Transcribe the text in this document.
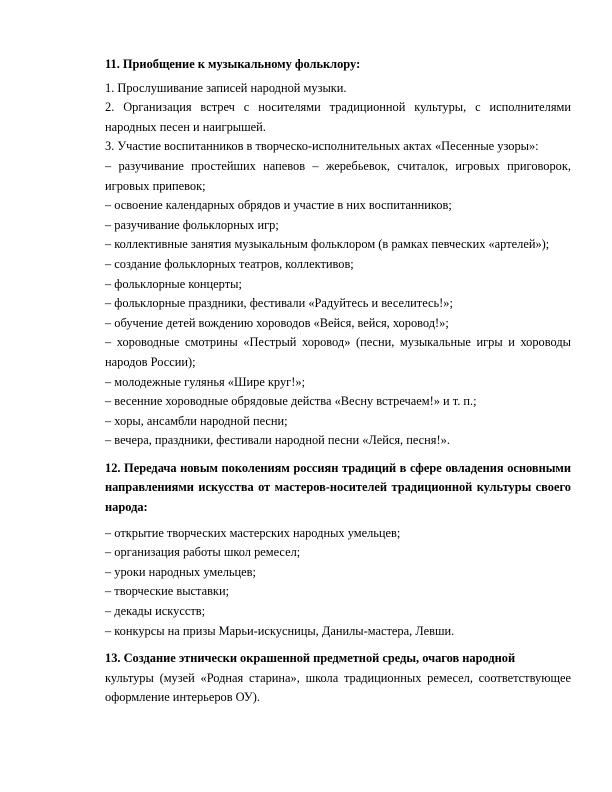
11. Приобщение к музыкальному фольклору:

1. Прослушивание записей народной музыки.

2. Организация встреч с носителями традиционной культуры, с исполнителями народных песен и наигрышей.

3. Участие воспитанников в творческо-исполнительных актах «Песенные узоры»:

– разучивание простейших напевов – жеребьевок, считалок, игровых приговорок, игровых припевок;

– освоение календарных обрядов и участие в них воспитанников;

– разучивание фольклорных игр;

– коллективные занятия музыкальным фольклором (в рамках певческих «артелей»);

– создание фольклорных театров, коллективов;

– фольклорные концерты;

– фольклорные праздники, фестивали «Радуйтесь и веселитесь!»;

– обучение детей вождению хороводов «Вейся, вейся, хоровод!»;

– хороводные смотрины «Пестрый хоровод» (песни, музыкальные игры и хороводы народов России);

– молодежные гулянья «Шире круг!»;

– весенние хороводные обрядовые действа «Весну встречаем!» и т. п.;

– хоры, ансамбли народной песни;

– вечера, праздники, фестивали народной песни «Лейся, песня!».

12. Передача новым поколениям россиян традиций в сфере овладения основными направлениями искусства от мастеров-носителей традиционной культуры своего народа:

– открытие творческих мастерских народных умельцев;

– организация работы школ ремесел;

– уроки народных умельцев;

– творческие выставки;

– декады искусств;

– конкурсы на призы Марьи-искусницы, Данилы-мастера, Левши.

13. Создание этнически окрашенной предметной среды, очагов народной

культуры (музей «Родная старина», школа традиционных ремесел, соответствующее оформление интерьеров ОУ).
